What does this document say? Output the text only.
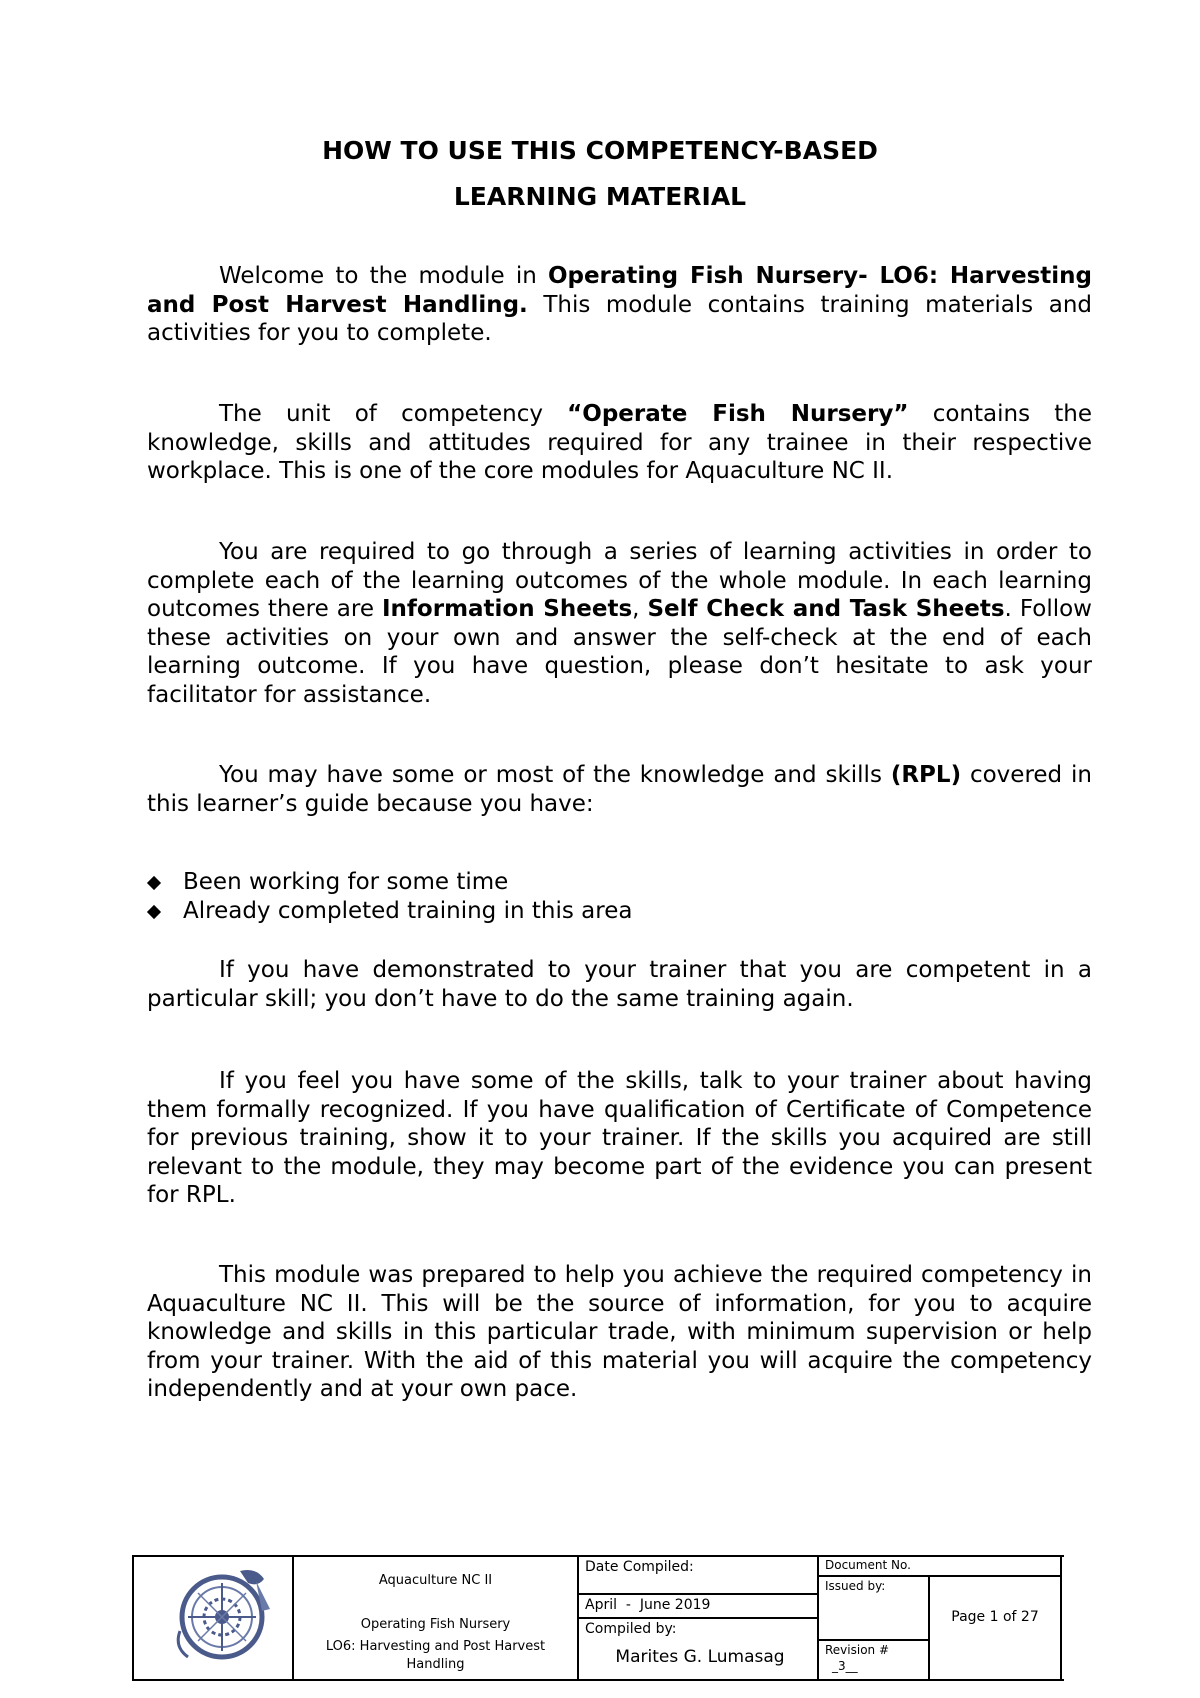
HOW TO USE THIS COMPETENCY-BASED
LEARNING MATERIAL

Welcome to the module in Operating Fish Nursery- LO6: Harvesting and Post Harvest Handling. This module contains training materials and activities for you to complete.

The unit of competency “Operate Fish Nursery” contains the knowledge, skills and attitudes required for any trainee in their respective workplace. This is one of the core modules for Aquaculture NC II.

You are required to go through a series of learning activities in order to complete each of the learning outcomes of the whole module. In each learning outcomes there are Information Sheets, Self Check and Task Sheets. Follow these activities on your own and answer the self-check at the end of each learning outcome. If you have question, please don’t hesitate to ask your facilitator for assistance.

You may have some or most of the knowledge and skills (RPL) covered in this learner’s guide because you have:

Been working for some time
Already completed training in this area

If you have demonstrated to your trainer that you are competent in a particular skill; you don’t have to do the same training again.

If you feel you have some of the skills, talk to your trainer about having them formally recognized. If you have qualification of Certificate of Competence for previous training, show it to your trainer. If the skills you acquired are still relevant to the module, they may become part of the evidence you can present for RPL.

This module was prepared to help you achieve the required competency in Aquaculture NC II. This will be the source of information, for you to acquire knowledge and skills in this particular trade, with minimum supervision or help from your trainer. With the aid of this material you will acquire the competency independently and at your own pace.

Aquaculture NC II
Operating Fish Nursery
LO6: Harvesting and Post Harvest Handling
Date Compiled:
April  -  June 2019
Compiled by:
Marites G. Lumasag
Document No.
Issued by:
Revision #
_3__
Page 1 of 27
